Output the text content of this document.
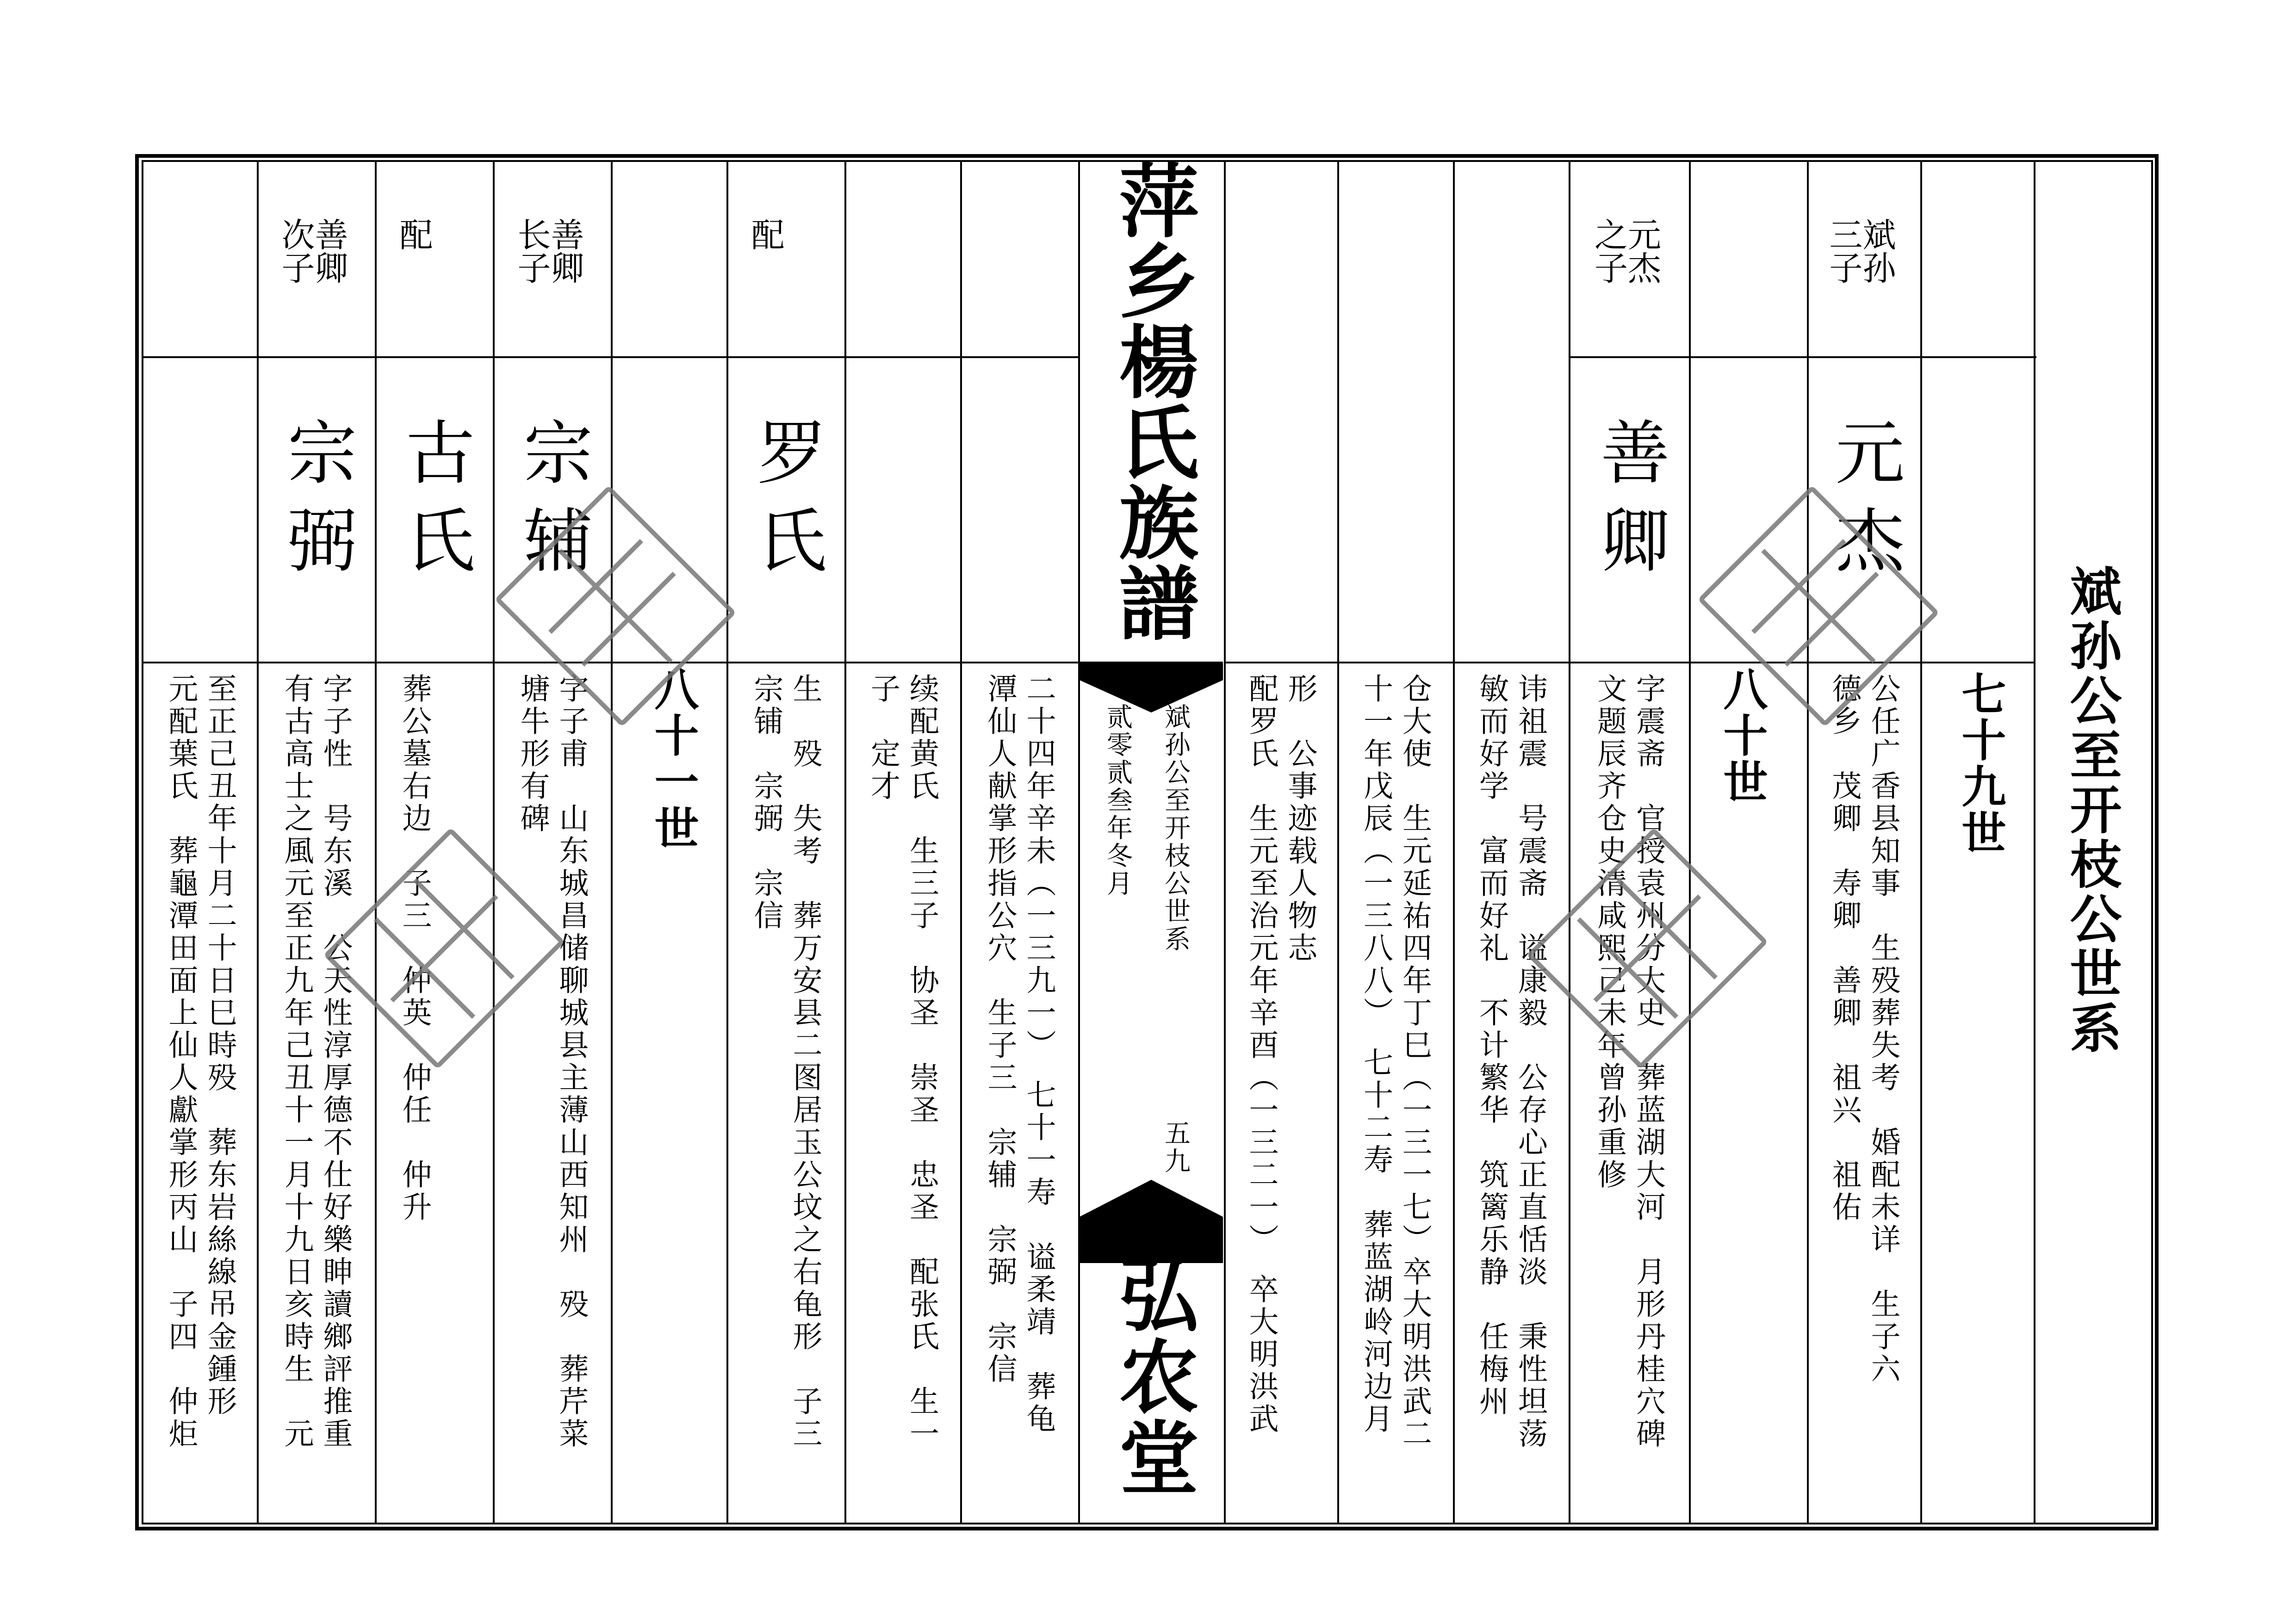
斌孙公至开枝公世系
七十九世
八十世
八十一世
萍乡楊氏族譜
斌孙公至开枝公世系
贰零贰叁年冬月
五九
弘农堂
斌孙
三子
元杰
公任广香县知事　生殁葬失考　婚配未详　生子六
德乡　茂卿　寿卿　善卿　祖兴　祖佑
元杰
之子
善卿
字震斋　官授袁州分大史　葬蓝湖大河　月形丹桂穴碑
文题辰齐仓史清咸熙己未年曾孙重修
讳祖震　号震斋　谥康毅　公存心正直恬淡　秉性坦荡
敏而好学　富而好礼　不计繁华　筑篱乐静　任梅州
仓大使　生元延祐四年丁巳（一三一七）卒大明洪武二
十一年戊辰（一三八八）　七十二寿　葬蓝湖岭河边月
形　公事迹载人物志
配罗氏　生元至治元年辛酉（一三二一）　卒大明洪武
二十四年辛未（一三九一）　七十一寿　谥柔靖　葬龟
潭仙人献掌形指公穴　生子三　宗辅　宗弼　宗信
续配黄氏　生三子　协圣　崇圣　忠圣　配张氏　生一
子　定才
配
罗氏
生　殁　失考　葬万安县二图居玉公坟之右龟形　子三
宗铺　宗弼　宗信
善卿
长子
宗辅
字子甫　山东城昌储聊城县主薄山西知州　殁　葬芹菜
塘牛形有碑
配
古氏
葬公墓右边　子三　仲英　仲任　仲升
善卿
次子
宗弼
字子性　号东溪　公天性淳厚德不仕好樂眒讀鄉評推重
有古高士之風元至正九年己丑十一月十九日亥時生　元
至正己丑年十月二十日巳時殁　葬东岩絲線吊金鍾形
元配葉氏　葬龜潭田面上仙人獻掌形丙山　子四　仲炬
